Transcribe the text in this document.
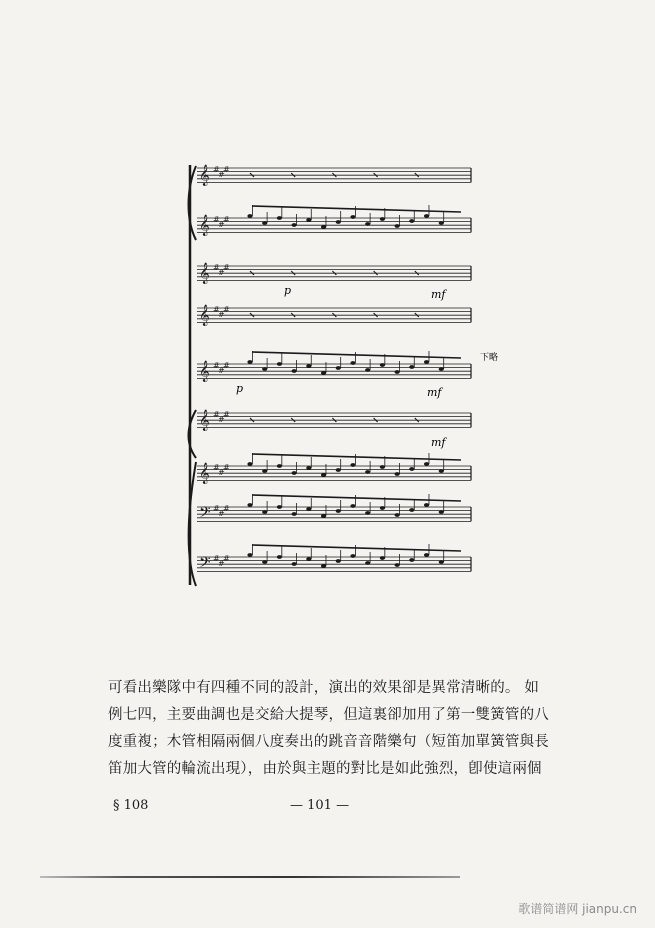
𝄞 #
#
#
𝄞 #
#
#
𝄞 #
#
#
𝄞 #
#
#
𝄞 #
#
#
𝄞 #
#
#
𝄞 #
#
#
𝄢 #
#
#
𝄢 #
#
#
p
p	mf
mf
mf
下略
可看出樂隊中有四種不同的設計，演出的效果卻是異常清晰的。 如
例七四，主要曲調也是交給大提琴，但這裏卻加用了第一雙簧管的八
度重複；木管相隔兩個八度奏出的跳音音階樂句（短笛加單簧管與長
笛加大管的輪流出現），由於與主題的對比是如此強烈，卽使這兩個
§ 108	— 101 —
歌谱简谱网 jianpu.cn
